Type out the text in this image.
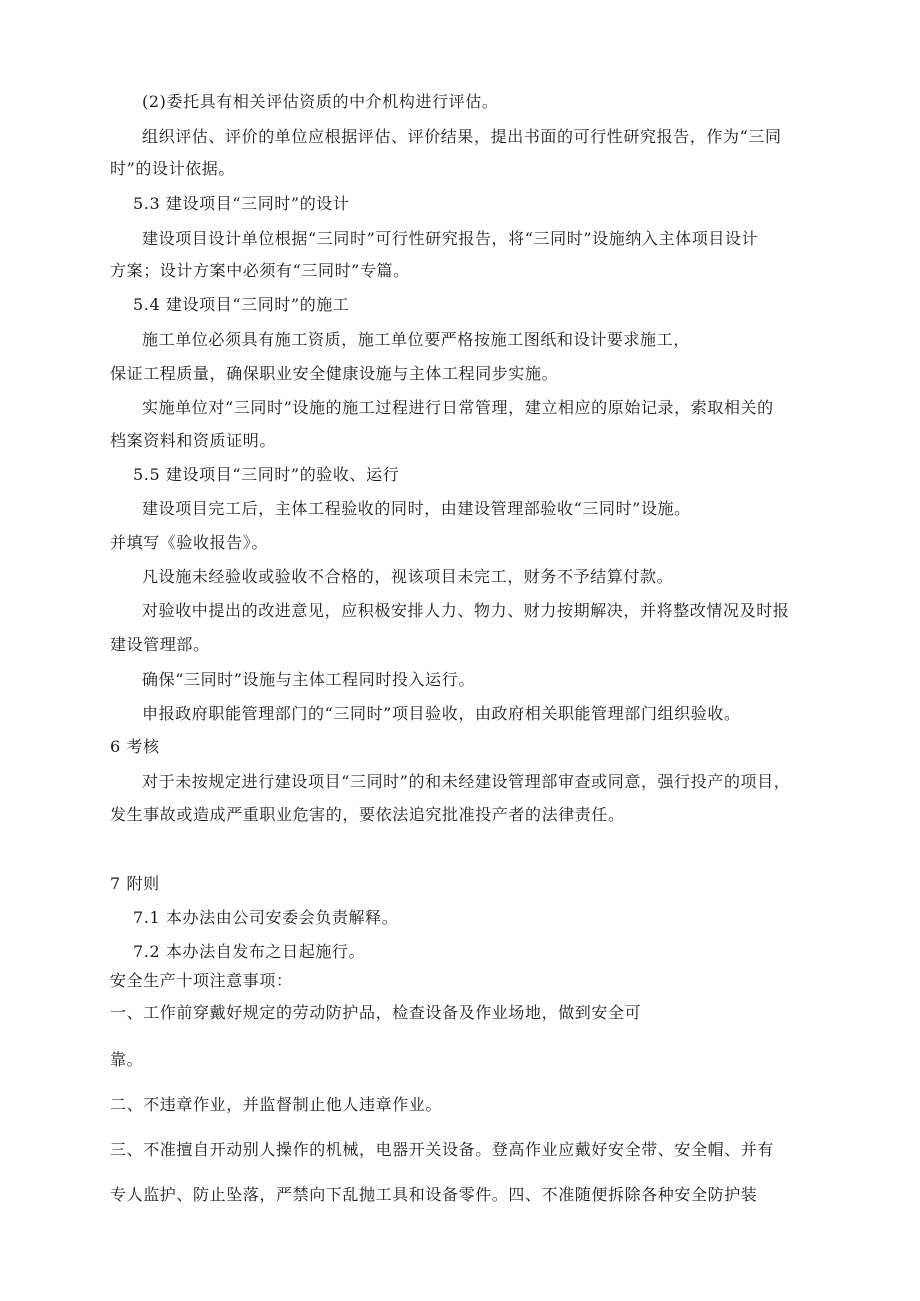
(2)委托具有相关评估资质的中介机构进行评估。
组织评估、评价的单位应根据评估、评价结果，提出书面的可行性研究报告，作为“三同
时”的设计依据。
5.3 建设项目“三同时”的设计
建设项目设计单位根据“三同时”可行性研究报告，将“三同时”设施纳入主体项目设计
方案；设计方案中必须有“三同时”专篇。
5.4 建设项目“三同时”的施工
施工单位必须具有施工资质，施工单位要严格按施工图纸和设计要求施工，
保证工程质量，确保职业安全健康设施与主体工程同步实施。
实施单位对“三同时”设施的施工过程进行日常管理，建立相应的原始记录，索取相关的
档案资料和资质证明。
5.5 建设项目“三同时”的验收、运行
建设项目完工后，主体工程验收的同时，由建设管理部验收“三同时”设施。
并填写《验收报告》。
凡设施未经验收或验收不合格的，视该项目未完工，财务不予结算付款。
对验收中提出的改进意见，应积极安排人力、物力、财力按期解决，并将整改情况及时报
建设管理部。
确保“三同时”设施与主体工程同时投入运行。
申报政府职能管理部门的“三同时”项目验收，由政府相关职能管理部门组织验收。
6 考核
对于未按规定进行建设项目“三同时”的和未经建设管理部审查或同意，强行投产的项目，
发生事故或造成严重职业危害的，要依法追究批准投产者的法律责任。
7 附则
7.1 本办法由公司安委会负责解释。
7.2 本办法自发布之日起施行。
安全生产十项注意事项：
一、工作前穿戴好规定的劳动防护品，检查设备及作业场地，做到安全可
靠。
二、不违章作业，并监督制止他人违章作业。
三、不准擅自开动别人操作的机械，电器开关设备。登高作业应戴好安全带、安全帽、并有
专人监护、防止坠落，严禁向下乱抛工具和设备零件。四、不准随便拆除各种安全防护装
